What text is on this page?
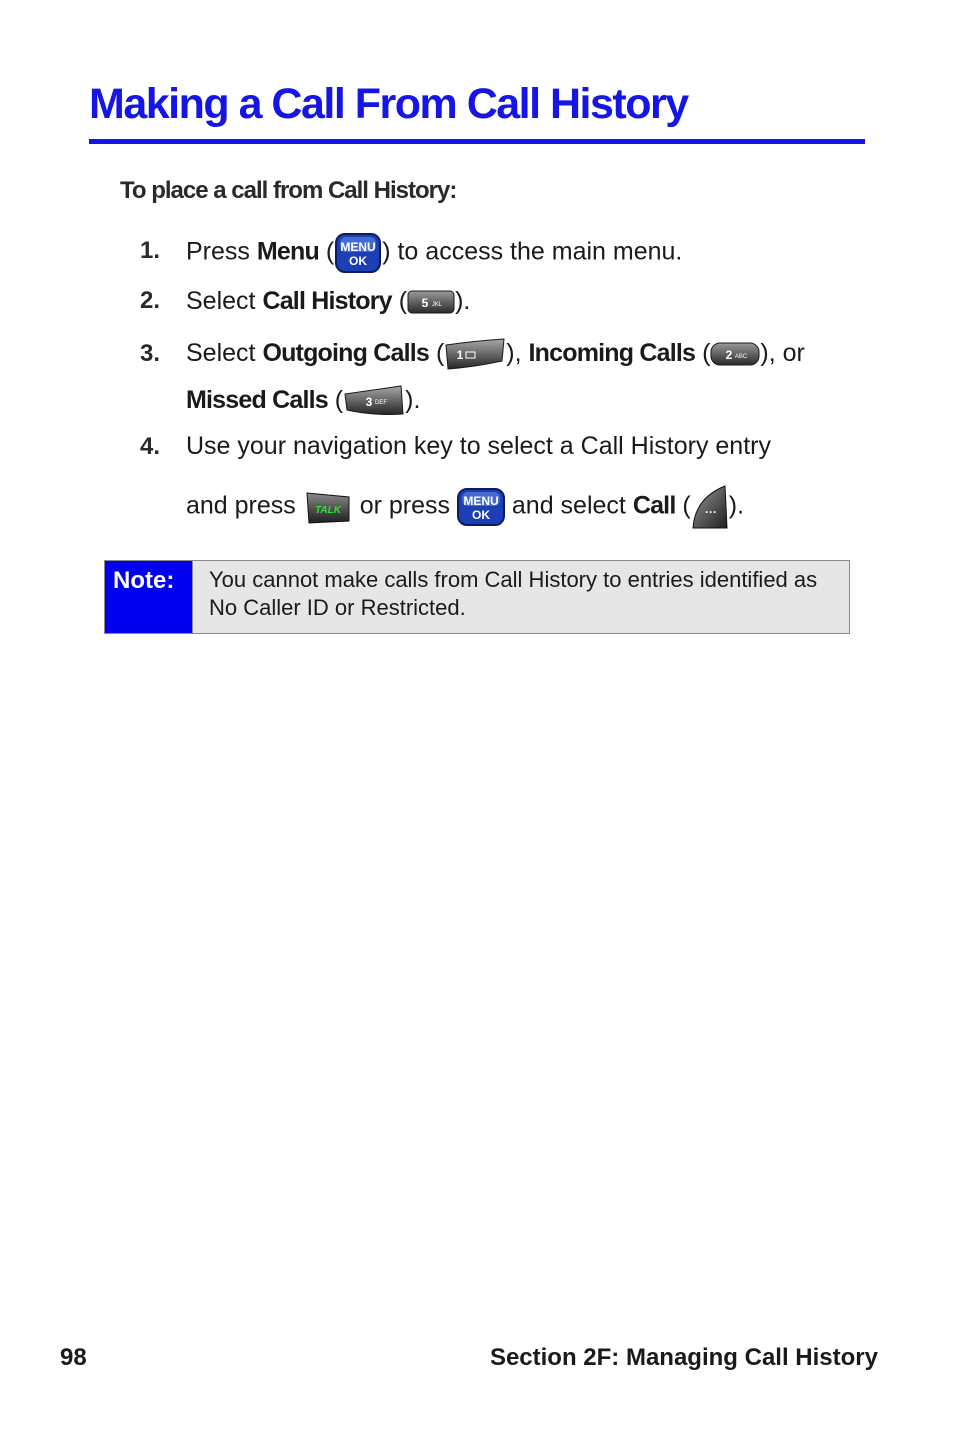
Making a Call From Call History
To place a call from Call History:
1. Press Menu ( MENU
OK ) to access the main menu.
2. Select Call History ( 5 JKL ).
3. Select Outgoing Calls ( 1 ), Incoming Calls ( 2 ABC ), or
Missed Calls ( 3 DEF ).
4. Use your navigation key to select a Call History entry
and press TALK or press MENU
OK and select Call ( ··· ).
Note:	You cannot make calls from Call History to entries identified as No Caller ID or Restricted.
98	Section 2F: Managing Call History
